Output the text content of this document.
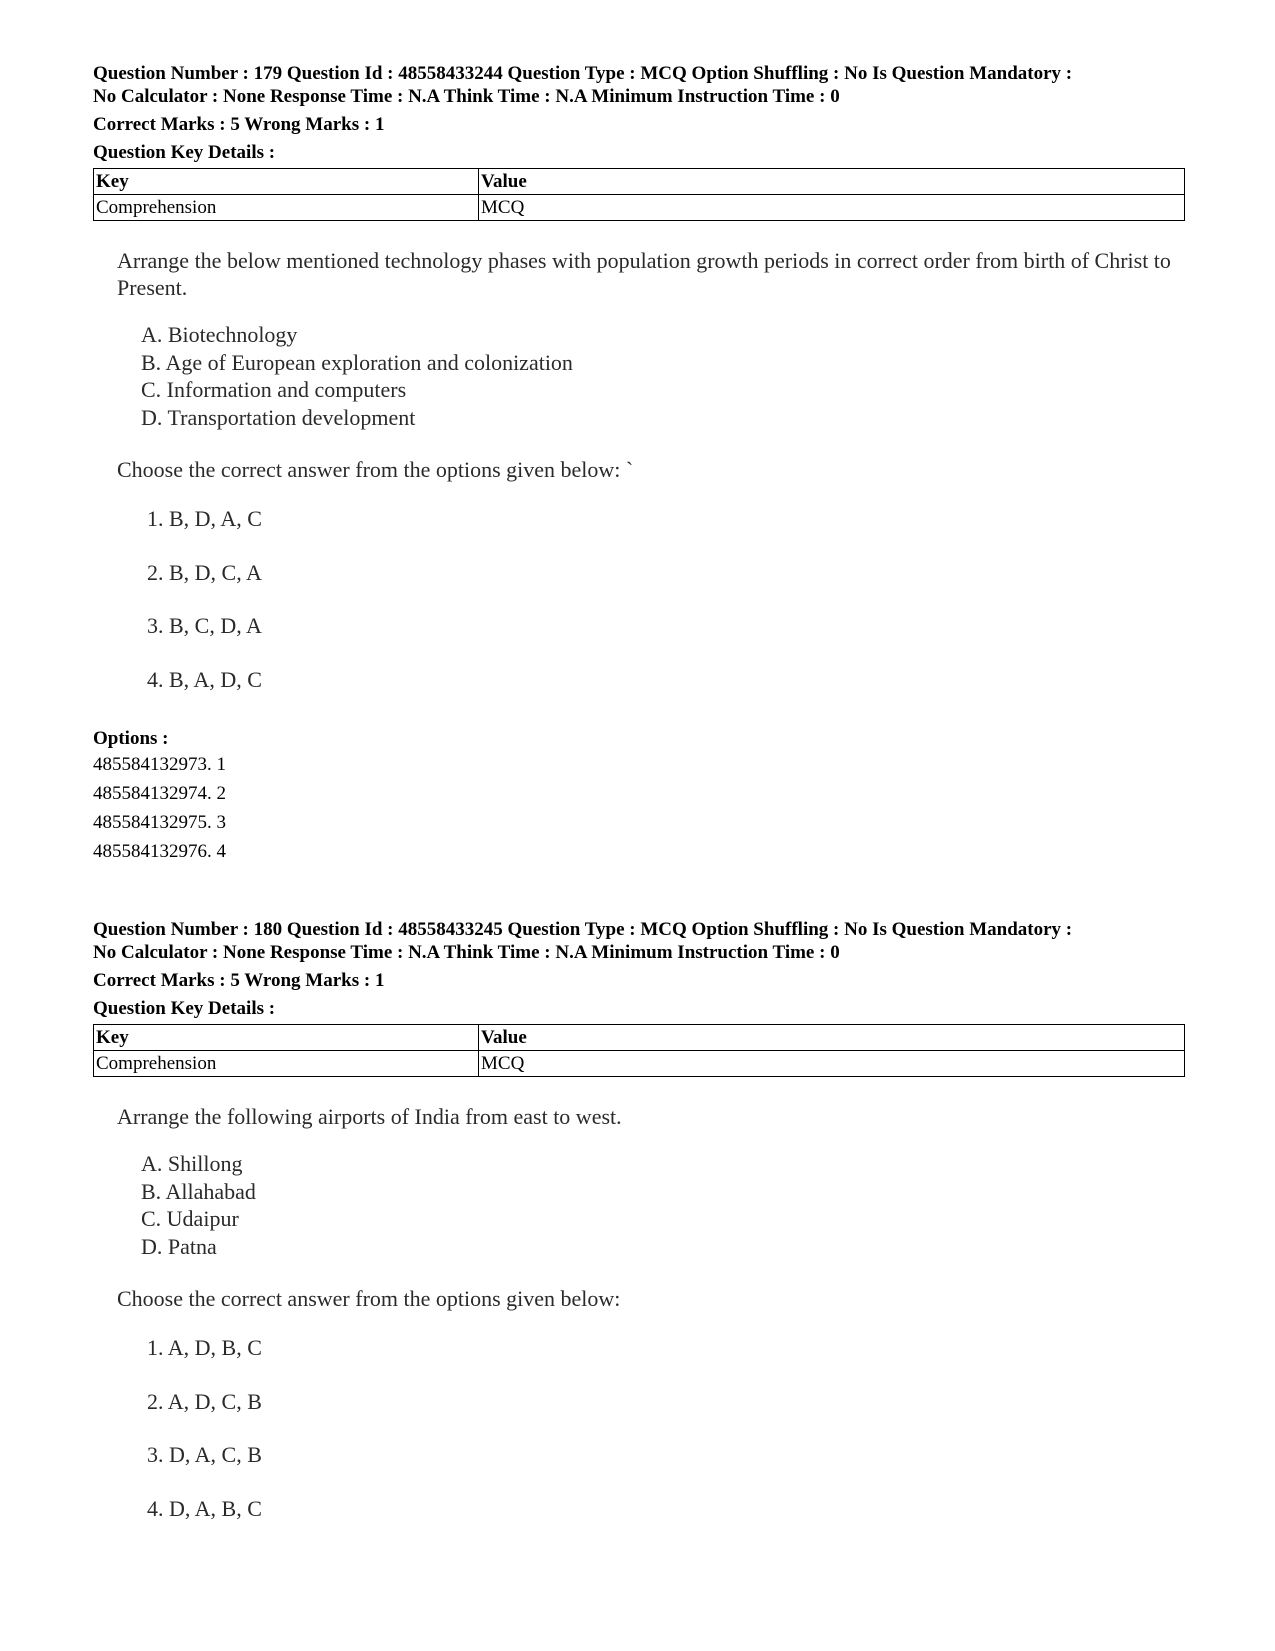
Question Number : 179 Question Id : 48558433244 Question Type : MCQ Option Shuffling : No Is Question Mandatory :
No Calculator : None Response Time : N.A Think Time : N.A Minimum Instruction Time : 0
Correct Marks : 5 Wrong Marks : 1
Question Key Details :
Key	Value
Comprehension	MCQ
Arrange the below mentioned technology phases with population growth periods in correct order from birth of Christ to Present.
A. Biotechnology
B. Age of European exploration and colonization
C. Information and computers
D. Transportation development
Choose the correct answer from the options given below: `
1. B, D, A, C
2. B, D, C, A
3. B, C, D, A
4. B, A, D, C
Options :
485584132973. 1
485584132974. 2
485584132975. 3
485584132976. 4
Question Number : 180 Question Id : 48558433245 Question Type : MCQ Option Shuffling : No Is Question Mandatory :
No Calculator : None Response Time : N.A Think Time : N.A Minimum Instruction Time : 0
Correct Marks : 5 Wrong Marks : 1
Question Key Details :
Key	Value
Comprehension	MCQ
Arrange the following airports of India from east to west.
A. Shillong
B. Allahabad
C. Udaipur
D. Patna
Choose the correct answer from the options given below:
1. A, D, B, C
2. A, D, C, B
3. D, A, C, B
4. D, A, B, C
